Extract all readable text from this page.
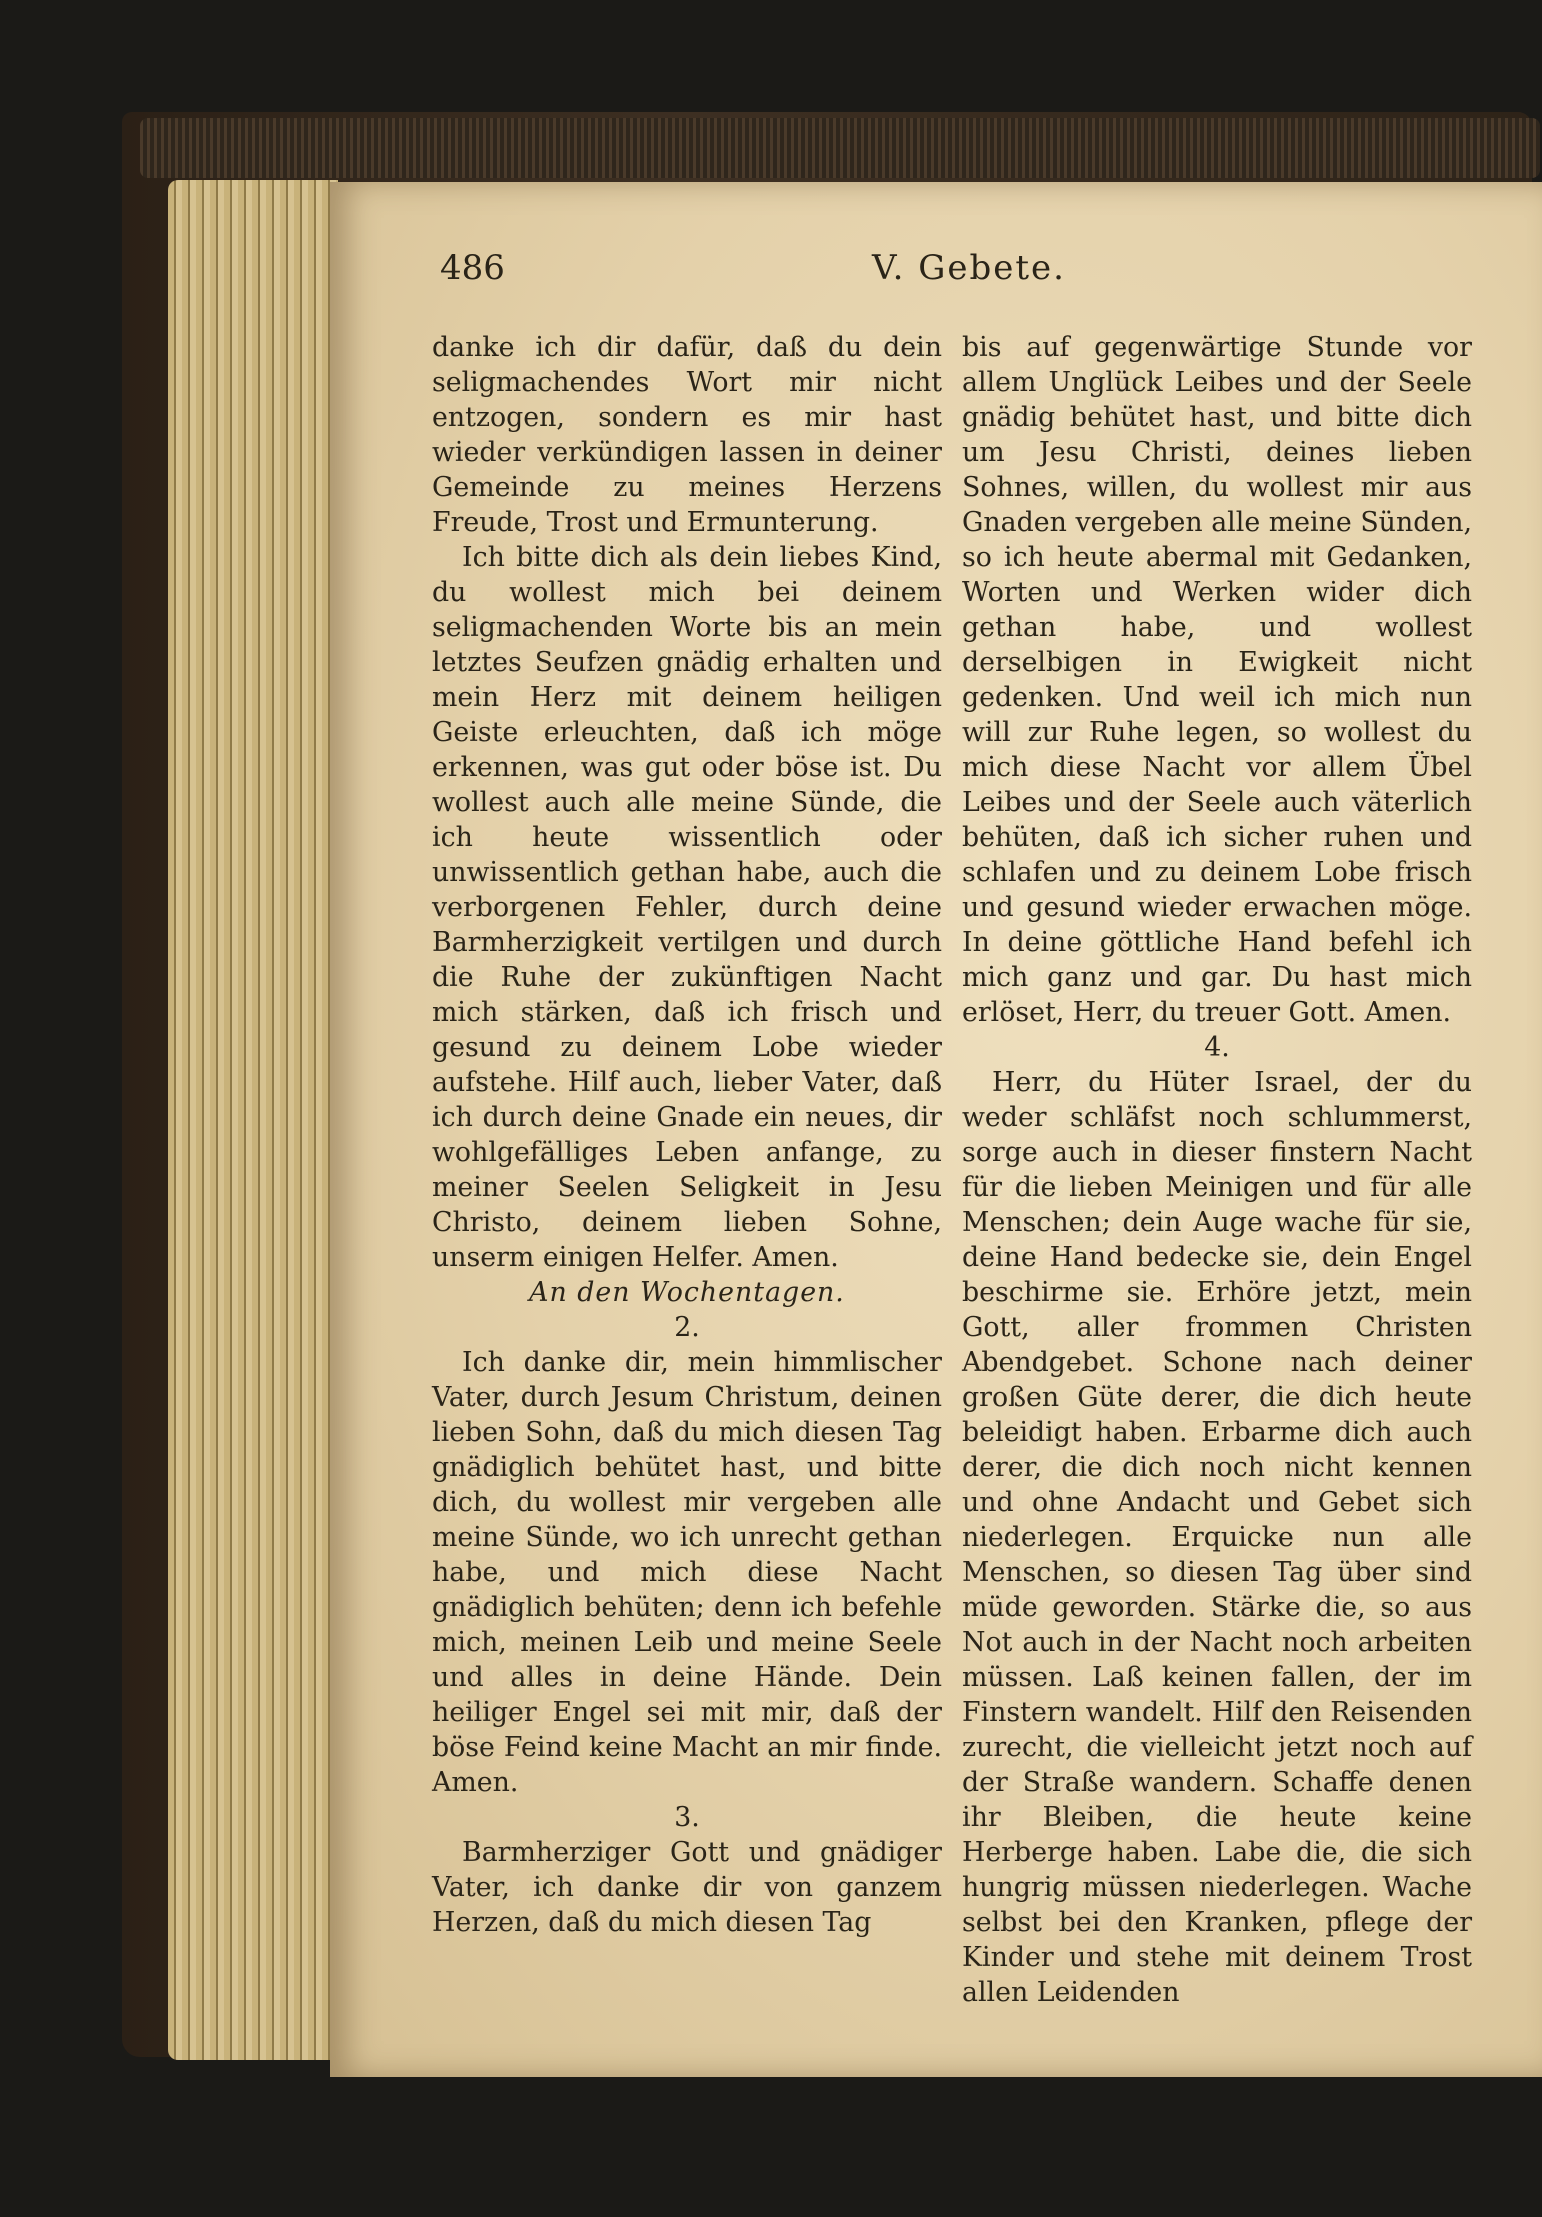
486	V. Gebete.

danke ich dir dafür, daß du dein seligmachendes Wort mir nicht entzogen, sondern es mir hast wieder verkündigen lassen in deiner Gemeinde zu meines Herzens Freude, Trost und Ermunterung.

Ich bitte dich als dein liebes Kind, du wollest mich bei deinem seligmachenden Worte bis an mein letztes Seufzen gnädig erhalten und mein Herz mit deinem heiligen Geiste erleuchten, daß ich möge erkennen, was gut oder böse ist. Du wollest auch alle meine Sünde, die ich heute wissentlich oder unwissentlich gethan habe, auch die verborgenen Fehler, durch deine Barmherzigkeit vertilgen und durch die Ruhe der zukünftigen Nacht mich stärken, daß ich frisch und gesund zu deinem Lobe wieder aufstehe. Hilf auch, lieber Vater, daß ich durch deine Gnade ein neues, dir wohlgefälliges Leben anfange, zu meiner Seelen Seligkeit in Jesu Christo, deinem lieben Sohne, unserm einigen Helfer. Amen.

An den Wochentagen.

2.

Ich danke dir, mein himmlischer Vater, durch Jesum Christum, deinen lieben Sohn, daß du mich diesen Tag gnädiglich behütet hast, und bitte dich, du wollest mir vergeben alle meine Sünde, wo ich unrecht gethan habe, und mich diese Nacht gnädiglich behüten; denn ich befehle mich, meinen Leib und meine Seele und alles in deine Hände. Dein heiliger Engel sei mit mir, daß der böse Feind keine Macht an mir finde. Amen.

3.

Barmherziger Gott und gnädiger Vater, ich danke dir von ganzem Herzen, daß du mich diesen Tag

bis auf gegenwärtige Stunde vor allem Unglück Leibes und der Seele gnädig behütet hast, und bitte dich um Jesu Christi, deines lieben Sohnes, willen, du wollest mir aus Gnaden vergeben alle meine Sünden, so ich heute abermal mit Gedanken, Worten und Werken wider dich gethan habe, und wollest derselbigen in Ewigkeit nicht gedenken. Und weil ich mich nun will zur Ruhe legen, so wollest du mich diese Nacht vor allem Übel Leibes und der Seele auch väterlich behüten, daß ich sicher ruhen und schlafen und zu deinem Lobe frisch und gesund wieder erwachen möge. In deine göttliche Hand befehl ich mich ganz und gar. Du hast mich erlöset, Herr, du treuer Gott. Amen.

4.

Herr, du Hüter Israel, der du weder schläfst noch schlummerst, sorge auch in dieser finstern Nacht für die lieben Meinigen und für alle Menschen; dein Auge wache für sie, deine Hand bedecke sie, dein Engel beschirme sie. Erhöre jetzt, mein Gott, aller frommen Christen Abendgebet. Schone nach deiner großen Güte derer, die dich heute beleidigt haben. Erbarme dich auch derer, die dich noch nicht kennen und ohne Andacht und Gebet sich niederlegen. Erquicke nun alle Menschen, so diesen Tag über sind müde geworden. Stärke die, so aus Not auch in der Nacht noch arbeiten müssen. Laß keinen fallen, der im Finstern wandelt. Hilf den Reisenden zurecht, die vielleicht jetzt noch auf der Straße wandern. Schaffe denen ihr Bleiben, die heute keine Herberge haben. Labe die, die sich hungrig müssen niederlegen. Wache selbst bei den Kranken, pflege der Kinder und stehe mit deinem Trost allen Leidenden
